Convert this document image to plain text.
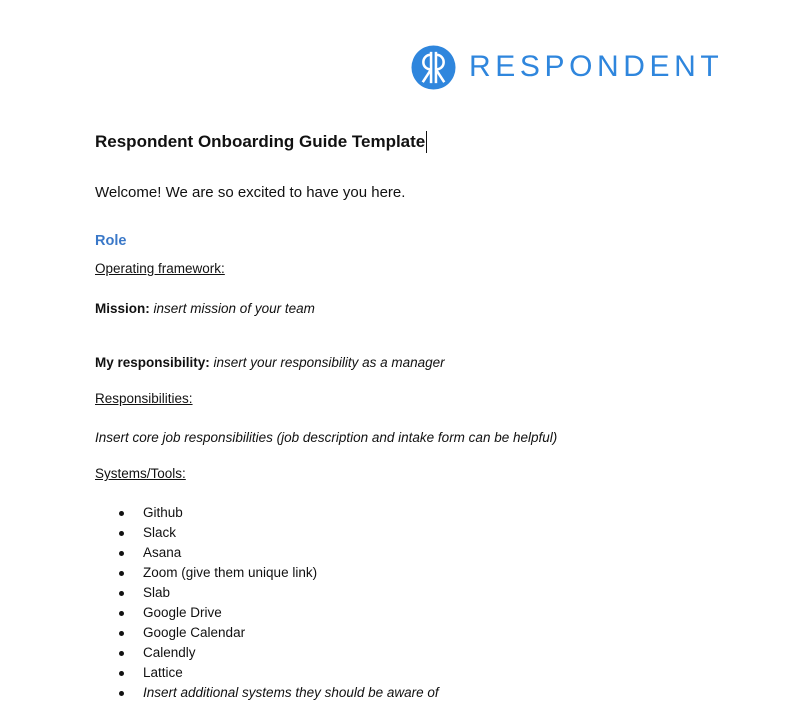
RESPONDENT
Respondent Onboarding Guide Template
Welcome! We are so excited to have you here.
Role
Operating framework:
Mission: insert mission of your team
My responsibility: insert your responsibility as a manager
Responsibilities:
Insert core job responsibilities (job description and intake form can be helpful)
Systems/Tools:
Github
Slack
Asana
Zoom (give them unique link)
Slab
Google Drive
Google Calendar
Calendly
Lattice
Insert additional systems they should be aware of
